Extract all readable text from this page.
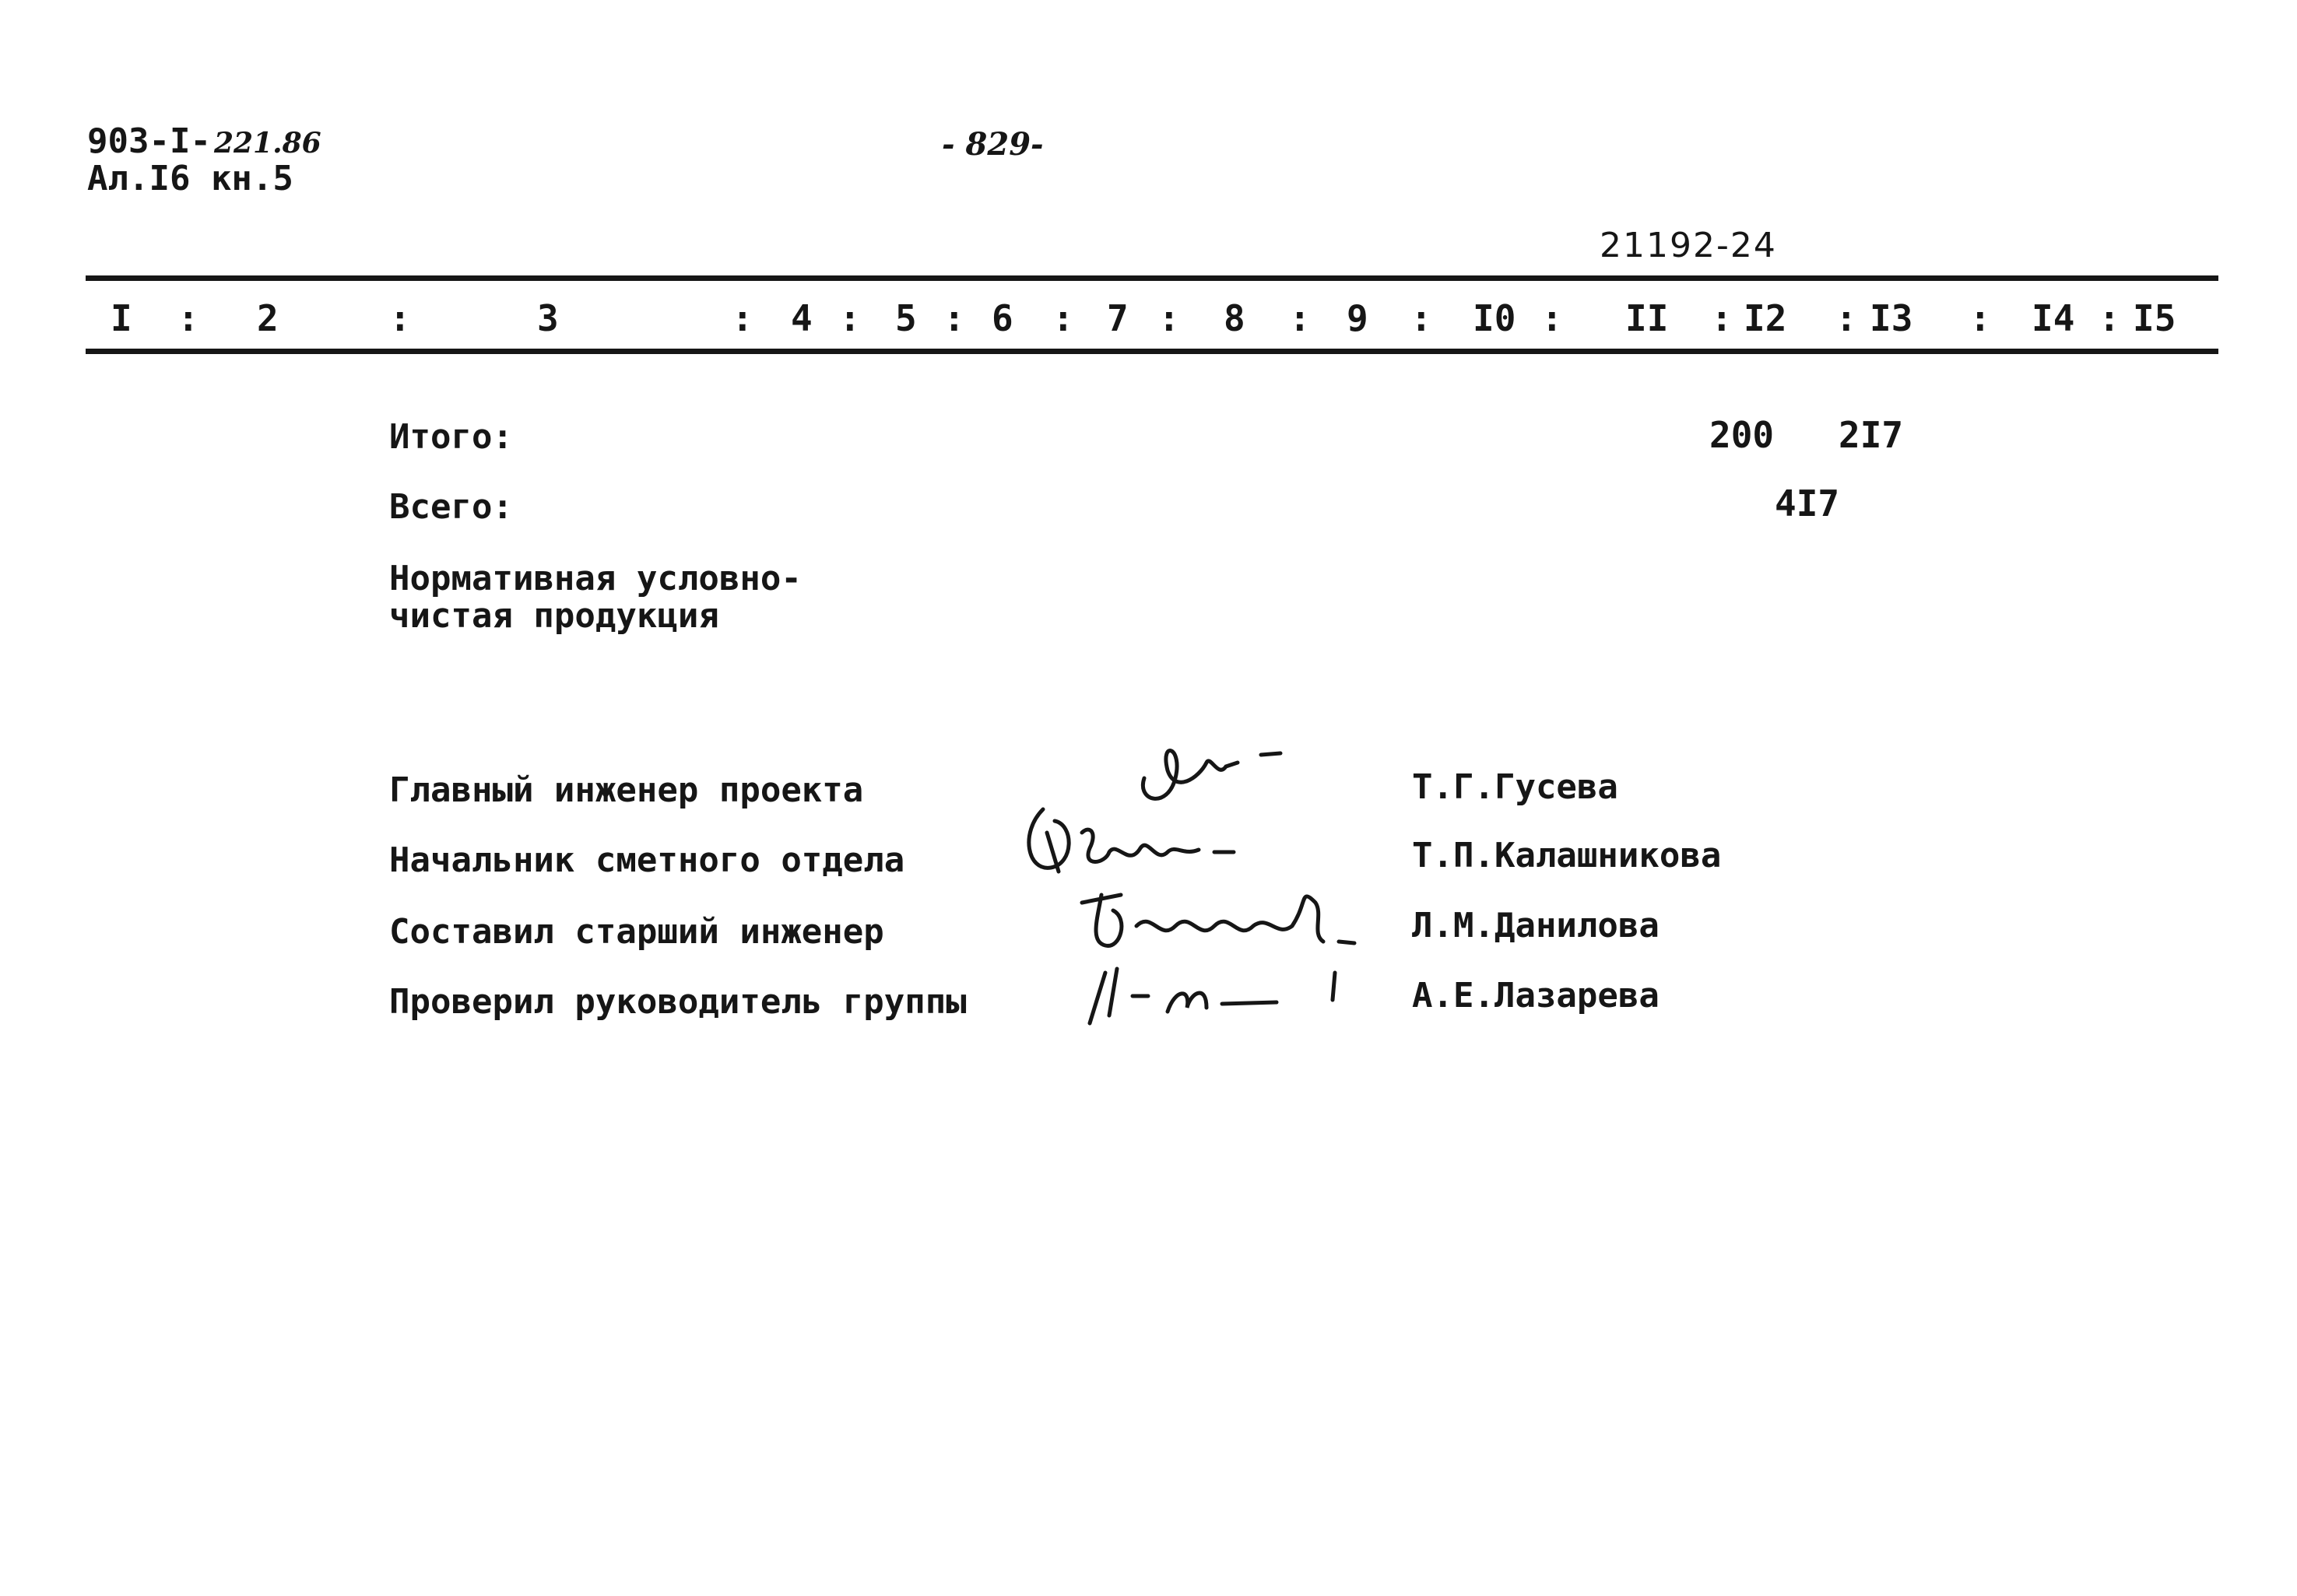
903-I- 221.86
Ал.I6 кн.5
- 829-
21192-24
I : 2	:	3	: 4 : 5 : 6 : 7 : 8 : 9 : I0 : II : I2 : I3 : I4 : I5
Итого:	200 2I7
Всего:	4I7
Нормативная условно-
чистая продукция
Главный инженер проекта	Т.Г.Гусева
Начальник сметного отдела	Т.П.Калашникова
Составил старший инженер	Л.М.Данилова
Проверил руководитель группы	А.Е.Лазарева
